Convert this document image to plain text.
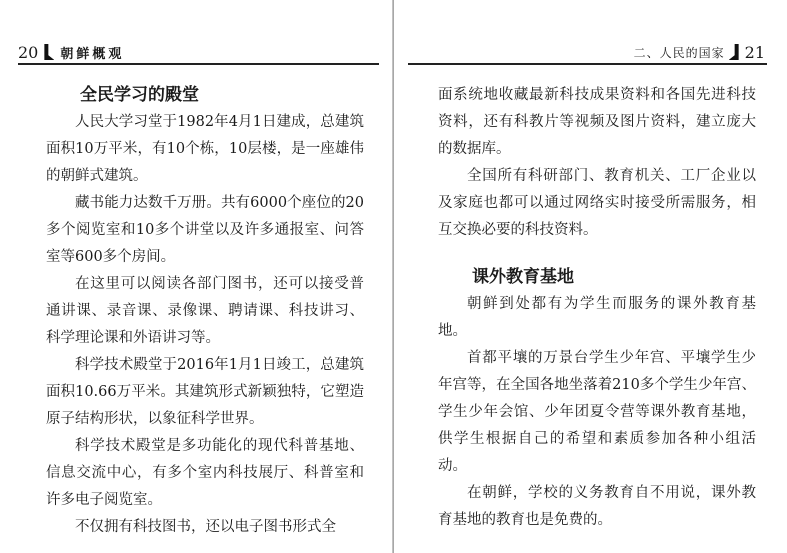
20 朝鲜概观
全民学习的殿堂

人民大学习堂于1982年4月1日建成，总建筑面积10万平米，有10个栋，10层楼，是一座雄伟的朝鲜式建筑。

藏书能力达数千万册。共有6000个座位的20多个阅览室和10多个讲堂以及许多通报室、问答室等600多个房间。

在这里可以阅读各部门图书，还可以接受普通讲课、录音课、录像课、聘请课、科技讲习、科学理论课和外语讲习等。

科学技术殿堂于2016年1月1日竣工，总建筑面积10.66万平米。其建筑形式新颖独特，它塑造原子结构形状，以象征科学世界。

科学技术殿堂是多功能化的现代科普基地、信息交流中心，有多个室内科技展厅、科普室和许多电子阅览室。

不仅拥有科技图书，还以电子图书形式全

二、人民的国家 21

面系统地收藏最新科技成果资料和各国先进科技资料，还有科教片等视频及图片资料，建立庞大的数据库。

全国所有科研部门、教育机关、工厂企业以及家庭也都可以通过网络实时接受所需服务，相互交换必要的科技资料。

课外教育基地

朝鲜到处都有为学生而服务的课外教育基地。

首都平壤的万景台学生少年宫、平壤学生少年宫等，在全国各地坐落着210多个学生少年宫、学生少年会馆、少年团夏令营等课外教育基地，供学生根据自己的希望和素质参加各种小组活动。

在朝鲜，学校的义务教育自不用说，课外教育基地的教育也是免费的。
